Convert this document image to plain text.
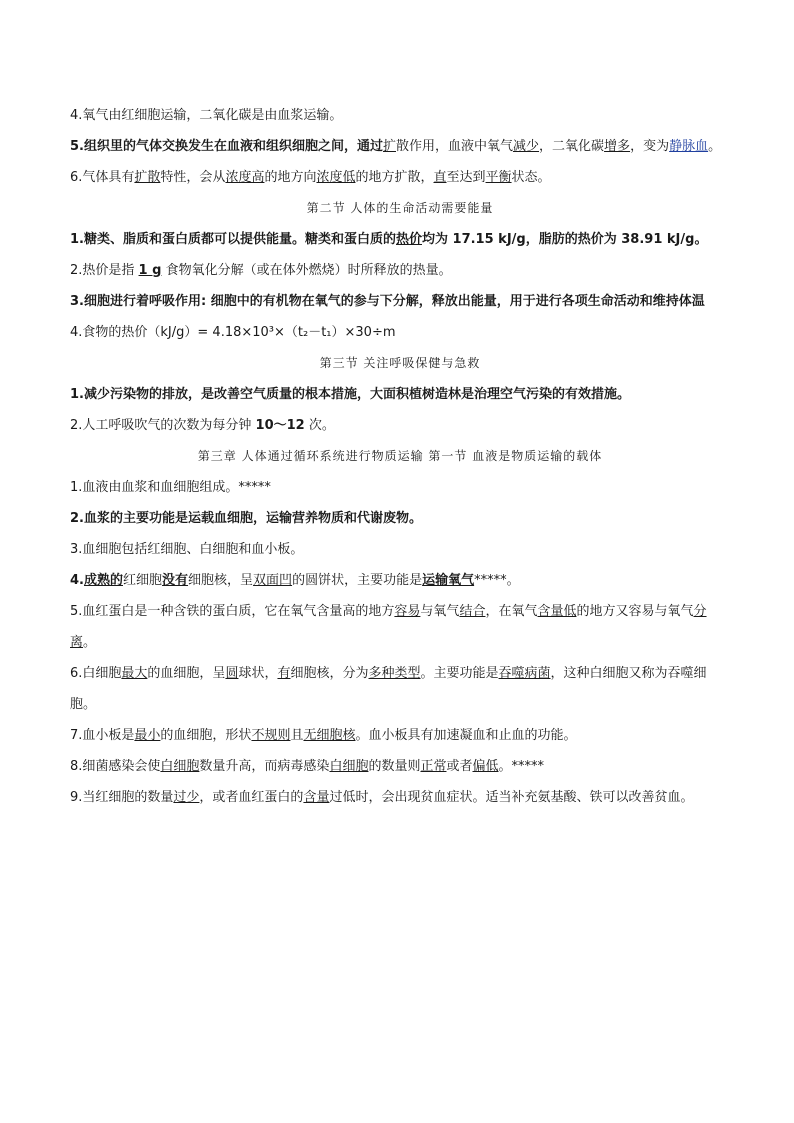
4.氧气由红细胞运输，二氧化碳是由血浆运输。

5.组织里的气体交换发生在血液和组织细胞之间，通过扩散作用，血液中氧气减少，二氧化碳增多，变为静脉血。

6.气体具有扩散特性，会从浓度高的地方向浓度低的地方扩散，直至达到平衡状态。

第二节 人体的生命活动需要能量

1.糖类、脂质和蛋白质都可以提供能量。糖类和蛋白质的热价均为 17.15 kJ/g，脂肪的热价为 38.91 kJ/g。

2.热价是指 1 g 食物氧化分解（或在体外燃烧）时所释放的热量。

3.细胞进行着呼吸作用: 细胞中的有机物在氧气的参与下分解，释放出能量，用于进行各项生命活动和维持体温

4.食物的热价（kJ/g）= 4.18×10³×（t₂－t₁）×30÷m

第三节 关注呼吸保健与急救

1.减少污染物的排放，是改善空气质量的根本措施，大面积植树造林是治理空气污染的有效措施。

2.人工呼吸吹气的次数为每分钟 10～12 次。

第三章 人体通过循环系统进行物质运输 第一节 血液是物质运输的载体

1.血液由血浆和血细胞组成。*****

2.血浆的主要功能是运载血细胞，运输营养物质和代谢废物。

3.血细胞包括红细胞、白细胞和血小板。

4.成熟的红细胞没有细胞核，呈双面凹的圆饼状，主要功能是运输氧气*****。

5.血红蛋白是一种含铁的蛋白质，它在氧气含量高的地方容易与氧气结合，在氧气含量低的地方又容易与氧气分离。

6.白细胞最大的血细胞，呈圆球状，有细胞核，分为多种类型。主要功能是吞噬病菌，这种白细胞又称为吞噬细胞。

7.血小板是最小的血细胞，形状不规则且无细胞核。血小板具有加速凝血和止血的功能。

8.细菌感染会使白细胞数量升高，而病毒感染白细胞的数量则正常或者偏低。*****

9.当红细胞的数量过少，或者血红蛋白的含量过低时，会出现贫血症状。适当补充氨基酸、铁可以改善贫血。
